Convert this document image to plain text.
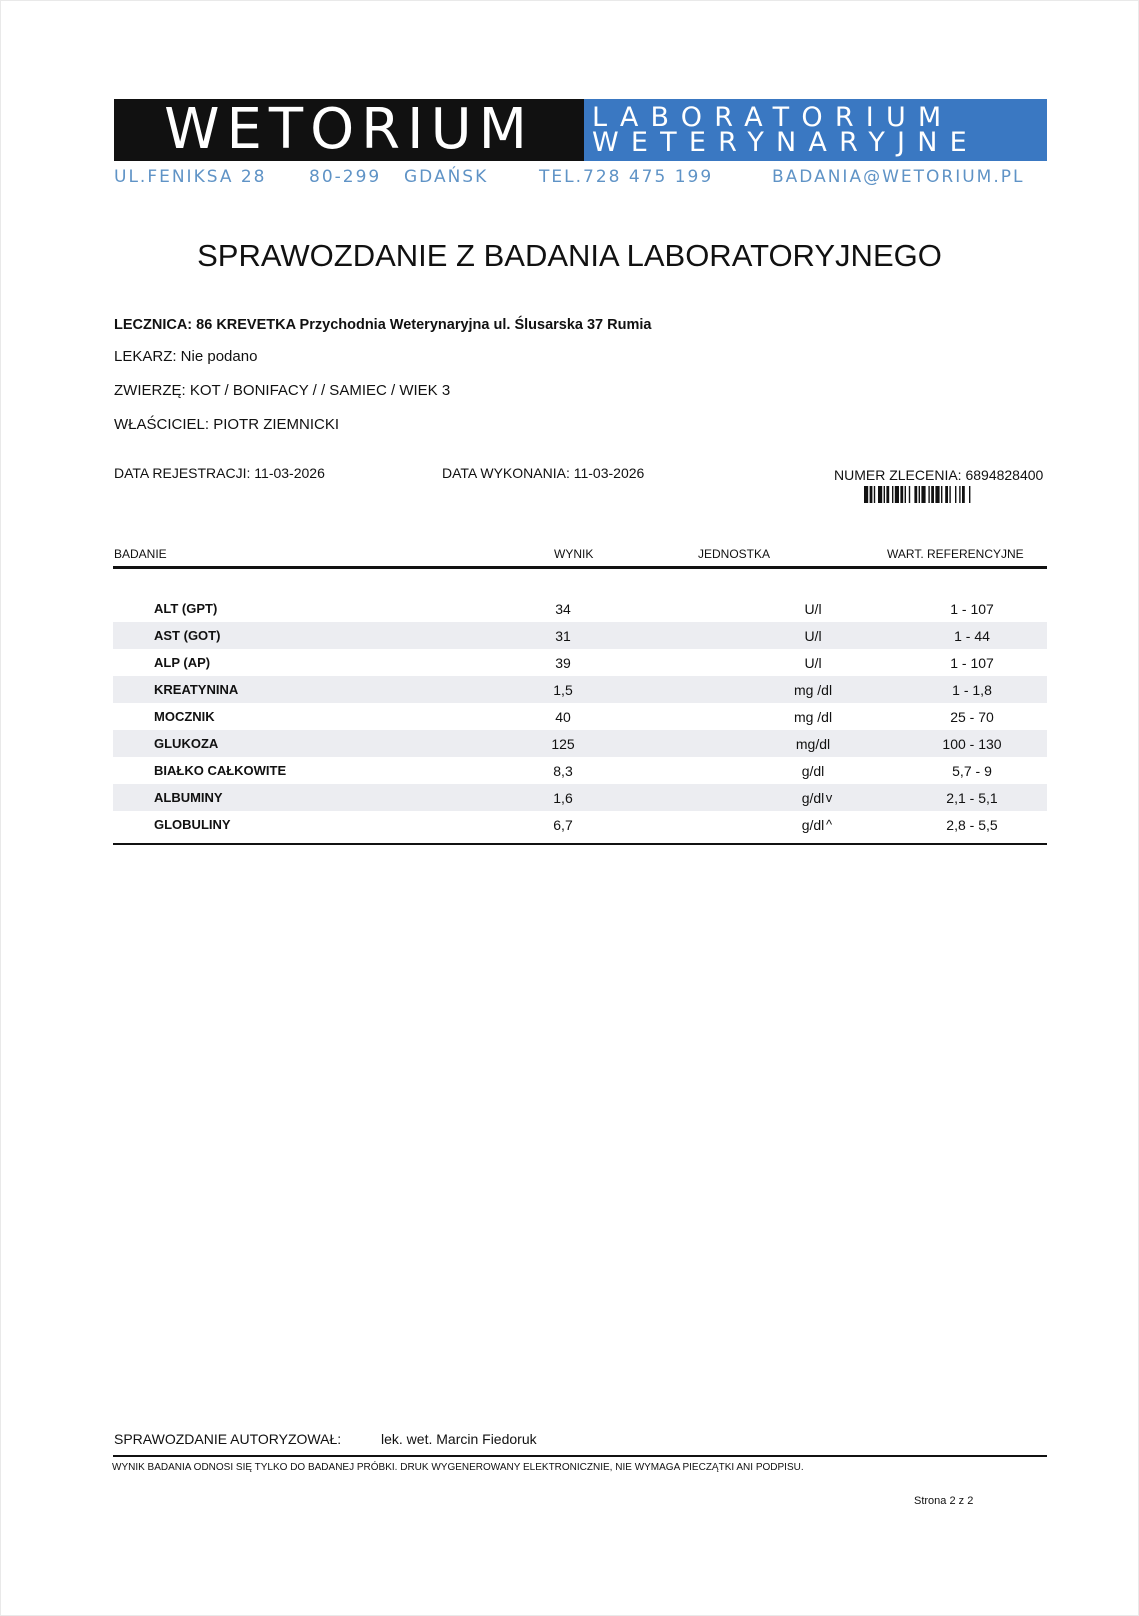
WETORIUM	LABORATORIUM
WETERYNARYJNE
UL.FENIKSA 28	80-299 GDAŃSK	TEL.728 475 199	BADANIA@WETORIUM.PL
SPRAWOZDANIE Z BADANIA LABORATORYJNEGO
LECZNICA: 86 KREVETKA Przychodnia Weterynaryjna ul. Ślusarska 37 Rumia
LEKARZ: Nie podano
ZWIERZĘ: KOT / BONIFACY / / SAMIEC / WIEK 3
WŁAŚCICIEL: PIOTR ZIEMNICKI
DATA REJESTRACJI: 11-03-2026	DATA WYKONANIA: 11-03-2026	NUMER ZLECENIA: 6894828400
BADANIE	WYNIK	JEDNOSTKA	WART. REFERENCYJNE
ALT (GPT)	34	U/l	1 - 107
AST (GOT)	31	U/l	1 - 44
ALP (AP)	39	U/l	1 - 107
KREATYNINA	1,5	mg /dl	1 - 1,8
MOCZNIK	40	mg /dl	25 - 70
GLUKOZA	125	mg/dl	100 - 130
BIAŁKO CAŁKOWITE	8,3	g/dl	5,7 - 9
ALBUMINY	1,6	g/dl v	2,1 - 5,1
GLOBULINY	6,7	g/dl ^	2,8 - 5,5
SPRAWOZDANIE AUTORYZOWAŁ:	lek. wet. Marcin Fiedoruk
WYNIK BADANIA ODNOSI SIĘ TYLKO DO BADANEJ PRÓBKI. DRUK WYGENEROWANY ELEKTRONICZNIE, NIE WYMAGA PIECZĄTKI ANI PODPISU.
Strona 2 z 2
